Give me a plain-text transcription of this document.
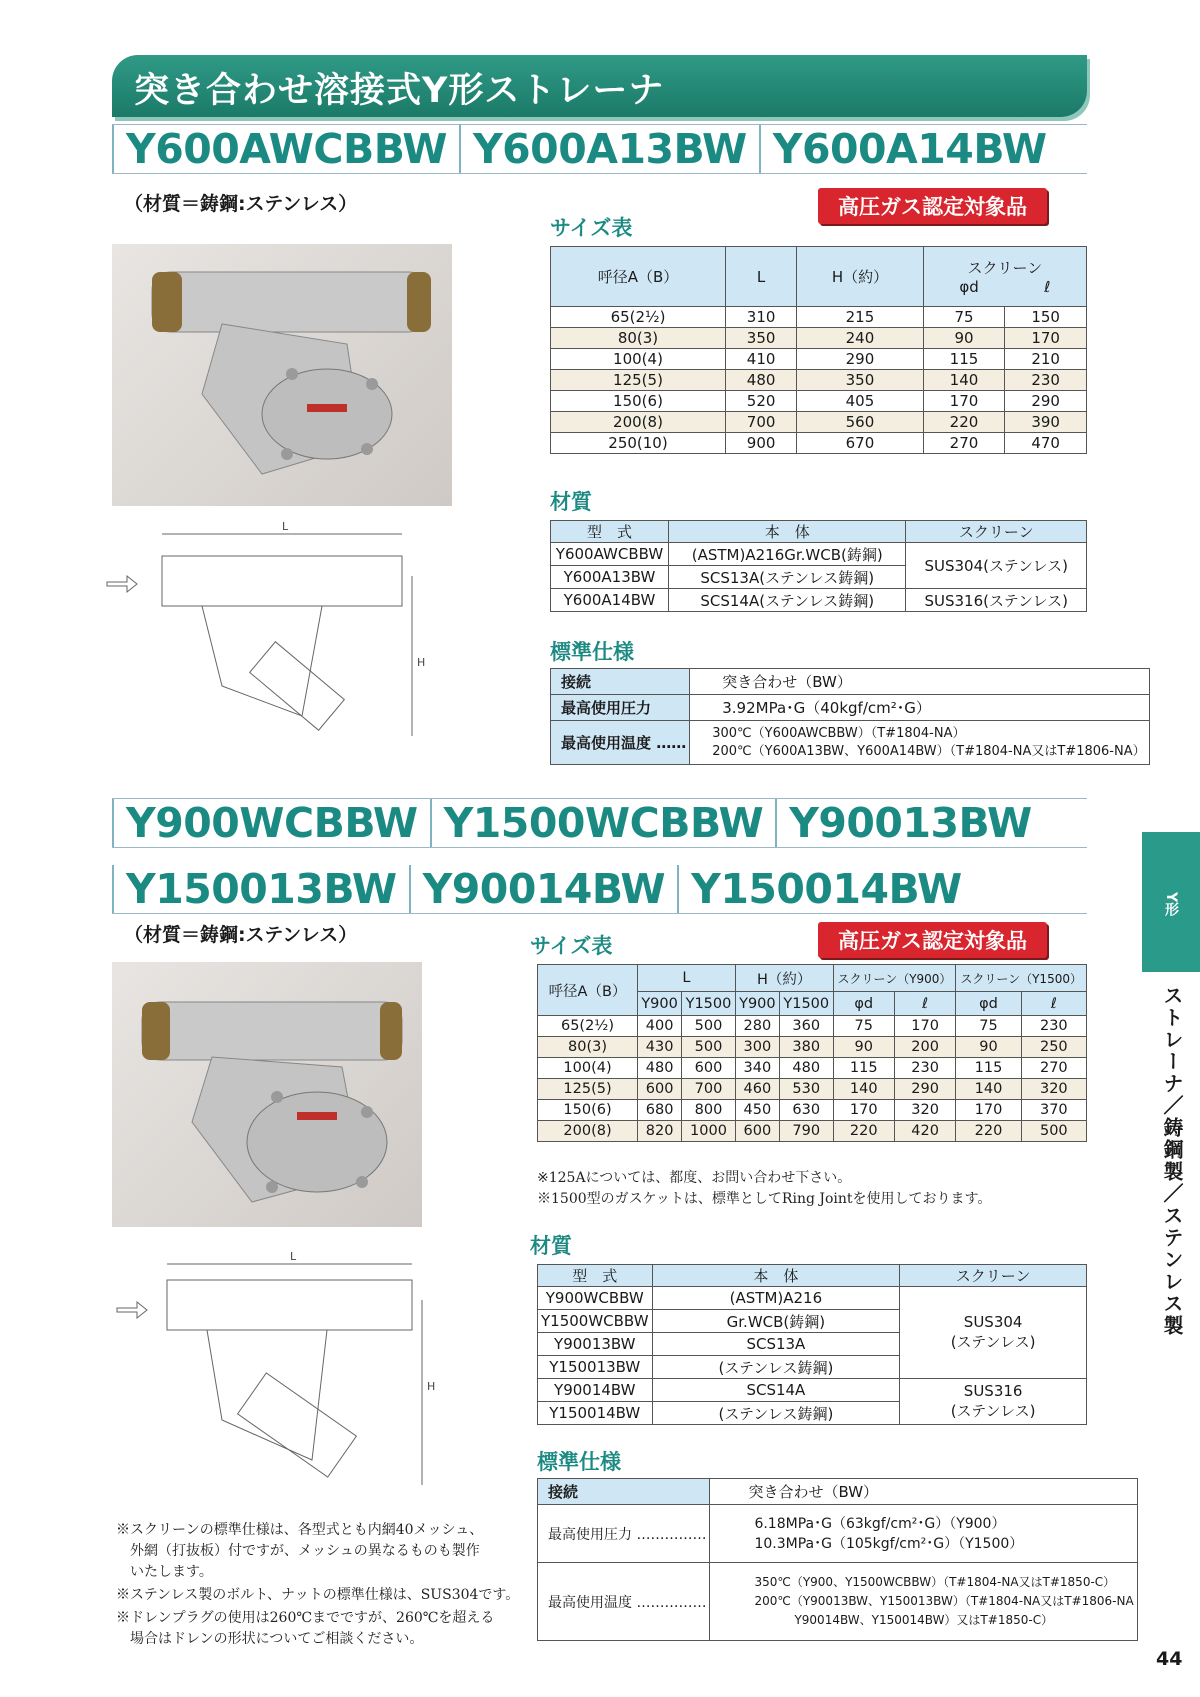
突き合わせ溶接式Y形ストレーナ
Y600AWCBBW Y600A13BW Y600A14BW
（材質＝鋳鋼:ステンレス）	高圧ガス認定対象品
L
H
サイズ表
呼径A（B）	L	H（約）	スクリーン
φd ℓ	

65(2½)	310	215	75	150
80(3)	350	240	90	170
100(4)	410	290	115	210
125(5)	480	350	140	230
150(6)	520	405	170	290
200(8)	700	560	220	390
250(10)	900	670	270	470
材質
型　式	本　体	スクリーン
Y600AWCBBW	(ASTM)A216Gr.WCB(鋳鋼)	SUS304(ステンレス)
Y600A13BW	SCS13A(ステンレス鋳鋼)	
Y600A14BW	SCS14A(ステンレス鋳鋼)	SUS316(ステンレス)
標準仕様
接続	突き合わせ（BW）
最高使用圧力	3.92MPa･G（40kgf/cm²･G）
最高使用温度 ……	300℃（Y600AWCBBW）（T#1804-NA）
200℃（Y600A13BW、Y600A14BW）（T#1804-NA又はT#1806-NA）
Y900WCBBW Y1500WCBBW Y90013BW
Y150013BW Y90014BW Y150014BW
（材質＝鋳鋼:ステンレス）	高圧ガス認定対象品
L
H
サイズ表
呼径A（B）	L		H（約）		スクリーン（Y900）		スクリーン（Y1500）	
	Y900	Y1500	Y900	Y1500	φd	ℓ	φd	ℓ
65(2½)	400	500	280	360	75	170	75	230
80(3)	430	500	300	380	90	200	90	250
100(4)	480	600	340	480	115	230	115	270
125(5)	600	700	460	530	140	290	140	320
150(6)	680	800	450	630	170	320	170	370
200(8)	820	1000	600	790	220	420	220	500
※125Aについては、都度、お問い合わせ下さい。
※1500型のガスケットは、標準としてRing Jointを使用しております。
材質
型　式	本　体	スクリーン
Y900WCBBW	(ASTM)A216	SUS304
(ステンレス)

Y1500WCBBW	Gr.WCB(鋳鋼)	
Y90013BW	SCS13A	
Y150013BW	(ステンレス鋳鋼)	
Y90014BW	SCS14A	SUS316
(ステンレス)

Y150014BW	(ステンレス鋳鋼)	
標準仕様
接続	突き合わせ（BW）
最高使用圧力 ……………	6.18MPa･G（63kgf/cm²･G）（Y900）
10.3MPa･G（105kgf/cm²･G）（Y1500）

最高使用温度 ……………	350℃（Y900、Y1500WCBBW）（T#1804-NA又はT#1850-C）
200℃（Y90013BW、Y150013BW）（T#1804-NA又はT#1806-NA
Y90014BW、Y150014BW）又はT#1850-C）
※スクリーンの標準仕様は、各型式とも内網40メッシュ、
　外網（打抜板）付ですが、メッシュの異なるものも製作
　いたします。
※ステンレス製のボルト、ナットの標準仕様は、SUS304です。
※ドレンプラグの使用は260℃までですが、260℃を超える
　場合はドレンの形状についてご相談ください。
Y形
ストレーナ／鋳鋼製／ステンレス製
44
